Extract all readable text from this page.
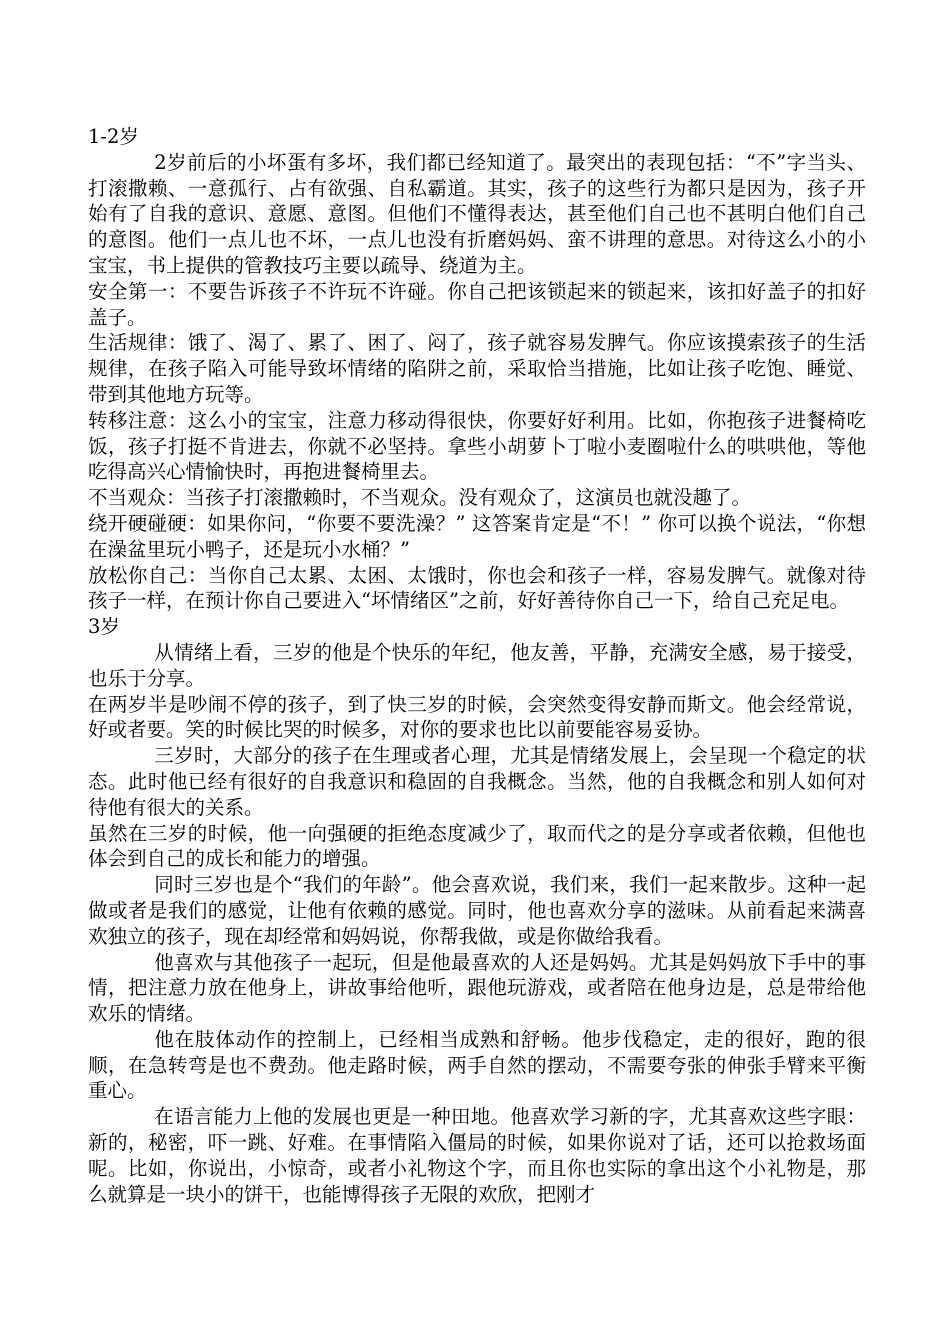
1-2岁

2岁前后的小坏蛋有多坏，我们都已经知道了。最突出的表现包括：“不”字当头、打滚撒赖、一意孤行、占有欲强、自私霸道。其实，孩子的这些行为都只是因为，孩子开始有了自我的意识、意愿、意图。但他们不懂得表达，甚至他们自己也不甚明白他们自己的意图。他们一点儿也不坏，一点儿也没有折磨妈妈、蛮不讲理的意思。对待这么小的小宝宝，书上提供的管教技巧主要以疏导、绕道为主。

安全第一：不要告诉孩子不许玩不许碰。你自己把该锁起来的锁起来，该扣好盖子的扣好盖子。

生活规律：饿了、渴了、累了、困了、闷了，孩子就容易发脾气。你应该摸索孩子的生活规律，在孩子陷入可能导致坏情绪的陷阱之前，采取恰当措施，比如让孩子吃饱、睡觉、带到其他地方玩等。

转移注意：这么小的宝宝，注意力移动得很快，你要好好利用。比如，你抱孩子进餐椅吃饭，孩子打挺不肯进去，你就不必坚持。拿些小胡萝卜丁啦小麦圈啦什么的哄哄他，等他吃得高兴心情愉快时，再抱进餐椅里去。

不当观众：当孩子打滚撒赖时，不当观众。没有观众了，这演员也就没趣了。

绕开硬碰硬：如果你问，“你要不要洗澡？” 这答案肯定是“不！” 你可以换个说法，“你想在澡盆里玩小鸭子，还是玩小水桶？”

放松你自己：当你自己太累、太困、太饿时，你也会和孩子一样，容易发脾气。就像对待孩子一样，在预计你自己要进入“坏情绪区”之前，好好善待你自己一下，给自己充足电。

3岁

从情绪上看，三岁的他是个快乐的年纪，他友善，平静，充满安全感，易于接受，也乐于分享。

在两岁半是吵闹不停的孩子，到了快三岁的时候，会突然变得安静而斯文。他会经常说，好或者要。笑的时候比哭的时候多，对你的要求也比以前要能容易妥协。

三岁时，大部分的孩子在生理或者心理，尤其是情绪发展上，会呈现一个稳定的状态。此时他已经有很好的自我意识和稳固的自我概念。当然，他的自我概念和别人如何对待他有很大的关系。

虽然在三岁的时候，他一向强硬的拒绝态度减少了，取而代之的是分享或者依赖，但他也体会到自己的成长和能力的增强。

同时三岁也是个“我们的年龄”。他会喜欢说，我们来，我们一起来散步。这种一起做或者是我们的感觉，让他有依赖的感觉。同时，他也喜欢分享的滋味。从前看起来满喜欢独立的孩子，现在却经常和妈妈说，你帮我做，或是你做给我看。

他喜欢与其他孩子一起玩，但是他最喜欢的人还是妈妈。尤其是妈妈放下手中的事情，把注意力放在他身上，讲故事给他听，跟他玩游戏，或者陪在他身边是，总是带给他欢乐的情绪。

他在肢体动作的控制上，已经相当成熟和舒畅。他步伐稳定，走的很好，跑的很顺，在急转弯是也不费劲。他走路时候，两手自然的摆动，不需要夸张的伸张手臂来平衡重心。

在语言能力上他的发展也更是一种田地。他喜欢学习新的字，尤其喜欢这些字眼：新的，秘密，吓一跳、好难。在事情陷入僵局的时候，如果你说对了话，还可以抢救场面呢。比如，你说出，小惊奇，或者小礼物这个字，而且你也实际的拿出这个小礼物是，那么就算是一块小的饼干，也能博得孩子无限的欢欣，把刚才
